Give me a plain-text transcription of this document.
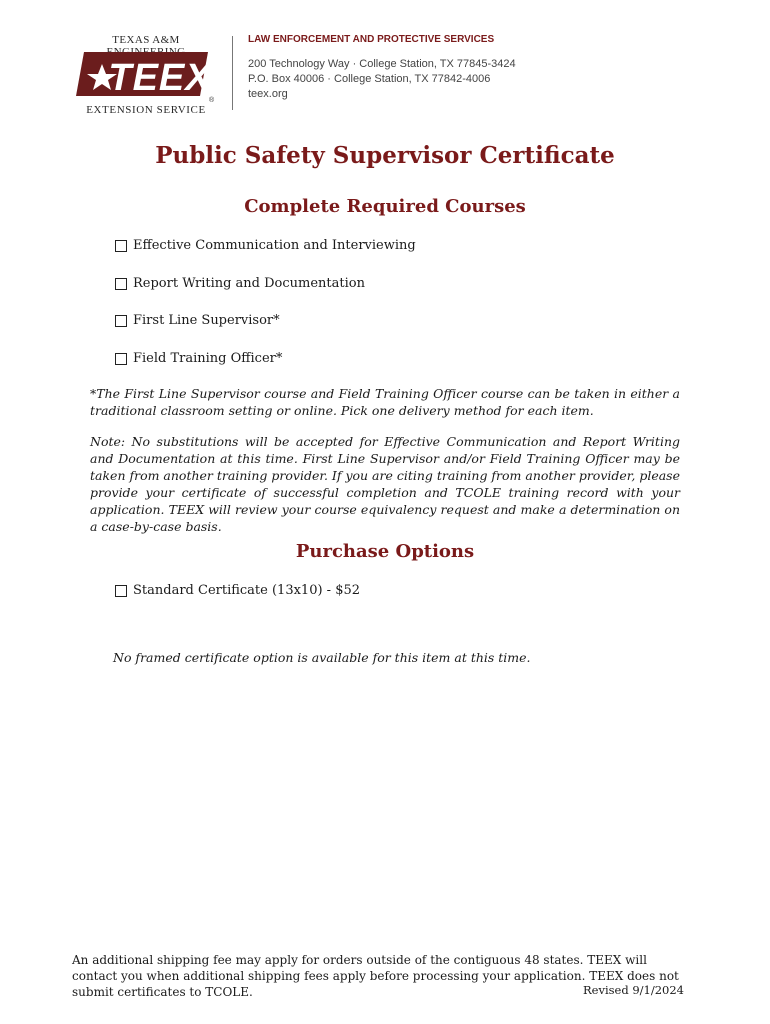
TEXAS A&M
TEEX
®
EXTENSION SERVICE
LAW ENFORCEMENT AND PROTECTIVE SERVICES
200 Technology Way · College Station, TX 77845-3424
P.O. Box 40006 · College Station, TX 77842-4006
teex.org
Public Safety Supervisor Certificate
Complete Required Courses
Effective Communication and Interviewing
Report Writing and Documentation
First Line Supervisor*
Field Training Officer*
*The First Line Supervisor course and Field Training Officer course can be taken in either a traditional classroom setting or online. Pick one delivery method for each item.
Note: No substitutions will be accepted for Effective Communication and Report Writing and Documentation at this time. First Line Supervisor and/or Field Training Officer may be taken from another training provider. If you are citing training from another provider, please provide your certificate of successful completion and TCOLE training record with your application. TEEX will review your course equivalency request and make a determination on a case-by-case basis.
Purchase Options
Standard Certificate (13x10) - $52
No framed certificate option is available for this item at this time.
An additional shipping fee may apply for orders outside of the contiguous 48 states. TEEX will contact you when additional shipping fees apply before processing your application. TEEX does not submit certificates to TCOLE.	Revised 9/1/2024
